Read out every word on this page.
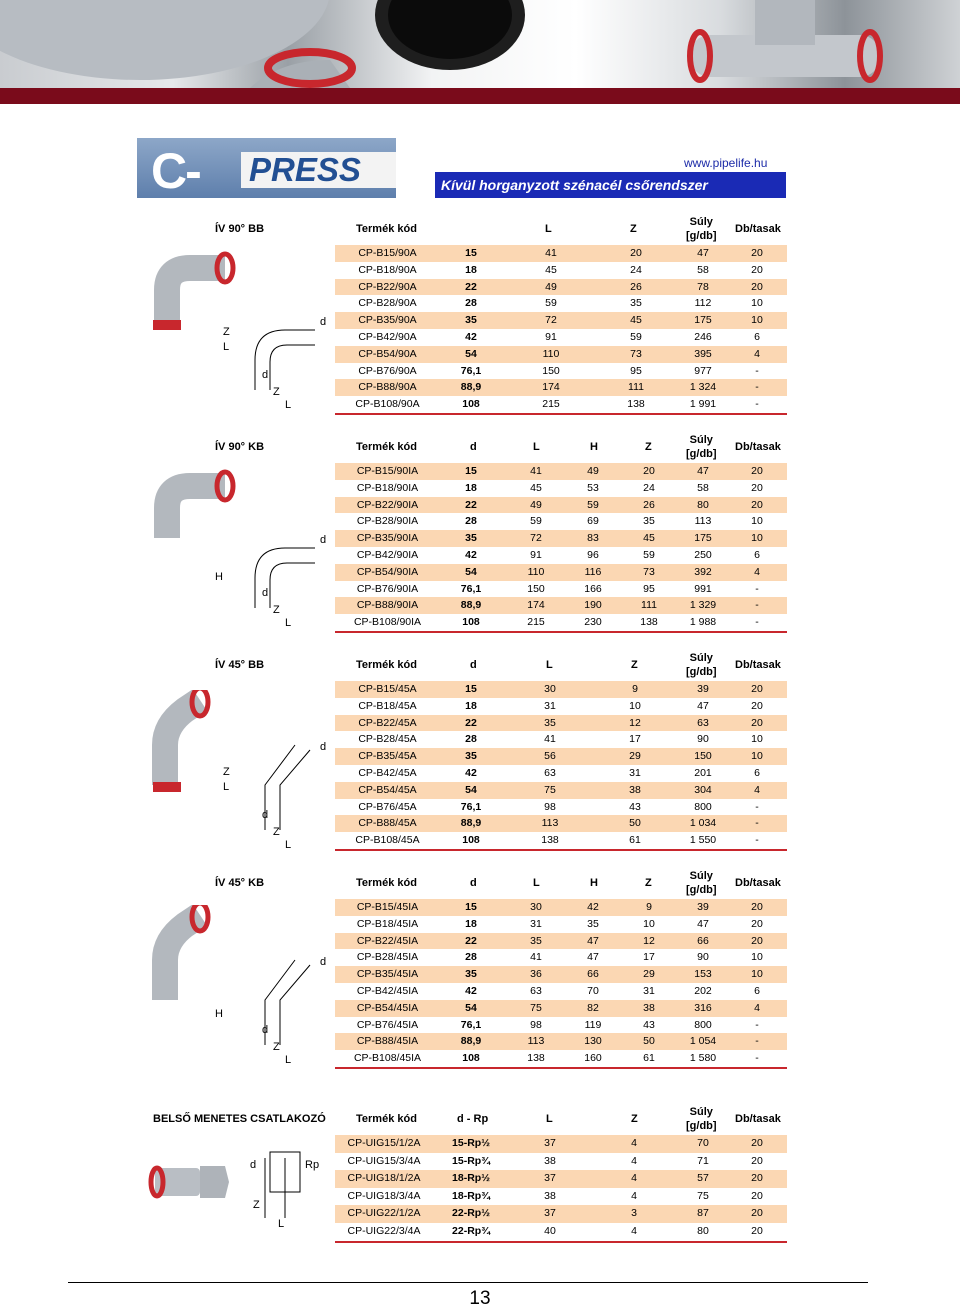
C- PRESS	www.pipelife.hu
Kívül horganyzott szénacél csőrendszer
ÍV 90° BB	Termék kód	L	Z
Súly
[g/db]
Db/tasak
CP-B15/90A	15	41	20	47	20
CP-B18/90A	18	45	24	58	20
CP-B22/90A	22	49	26	78	20
CP-B28/90A	28	59	35	112	10
CP-B35/90A	35	72	45	175	10
CP-B42/90A	42	91	59	246	6
CP-B54/90A	54	110	73	395	4
CP-B76/90A	76,1	150	95	977	-
CP-B88/90A	88,9	174	111	1 324	-
CP-B108/90A	108	215	138	1 991	-
Z
L
d
d
Z
L
ÍV 90° KB	Termék kód	d	L	H	Z
Súly
[g/db]
Db/tasak
CP-B15/90IA	15	41	49	20	47	20
CP-B18/90IA	18	45	53	24	58	20
CP-B22/90IA	22	49	59	26	80	20
CP-B28/90IA	28	59	69	35	113	10
CP-B35/90IA	35	72	83	45	175	10
CP-B42/90IA	42	91	96	59	250	6
CP-B54/90IA	54	110	116	73	392	4
CP-B76/90IA	76,1	150	166	95	991	-
CP-B88/90IA	88,9	174	190	111	1 329	-
CP-B108/90IA	108	215	230	138	1 988	-
H
d
d
Z
L
ÍV 45° BB	Termék kód	d	L	Z
Súly
[g/db]
Db/tasak
CP-B15/45A	15	30	9	39	20
CP-B18/45A	18	31	10	47	20
CP-B22/45A	22	35	12	63	20
CP-B28/45A	28	41	17	90	10
CP-B35/45A	35	56	29	150	10
CP-B42/45A	42	63	31	201	6
CP-B54/45A	54	75	38	304	4
CP-B76/45A	76,1	98	43	800	-
CP-B88/45A	88,9	113	50	1 034	-
CP-B108/45A	108	138	61	1 550	-
Z
L
d
d
Z
L
ÍV 45° KB	Termék kód	d	L	H	Z
Súly
[g/db]
Db/tasak
CP-B15/45IA	15	30	42	9	39	20
CP-B18/45IA	18	31	35	10	47	20
CP-B22/45IA	22	35	47	12	66	20
CP-B28/45IA	28	41	47	17	90	10
CP-B35/45IA	35	36	66	29	153	10
CP-B42/45IA	42	63	70	31	202	6
CP-B54/45IA	54	75	82	38	316	4
CP-B76/45IA	76,1	98	119	43	800	-
CP-B88/45IA	88,9	113	130	50	1 054	-
CP-B108/45IA	108	138	160	61	1 580	-
H
d
d
Z
L
BELSŐ MENETES CSATLAKOZÓ	Termék kód	d - Rp	L	Z
Súly
[g/db]
Db/tasak
CP-UIG15/1/2A	15-Rp½	37	4	70	20
CP-UIG15/3/4A	15-Rp¾	38	4	71	20
CP-UIG18/1/2A	18-Rp½	37	4	57	20
CP-UIG18/3/4A	18-Rp¾	38	4	75	20
CP-UIG22/1/2A	22-Rp½	37	3	87	20
CP-UIG22/3/4A	22-Rp¾	40	4	80	20
d	Rp
Z
L
13
